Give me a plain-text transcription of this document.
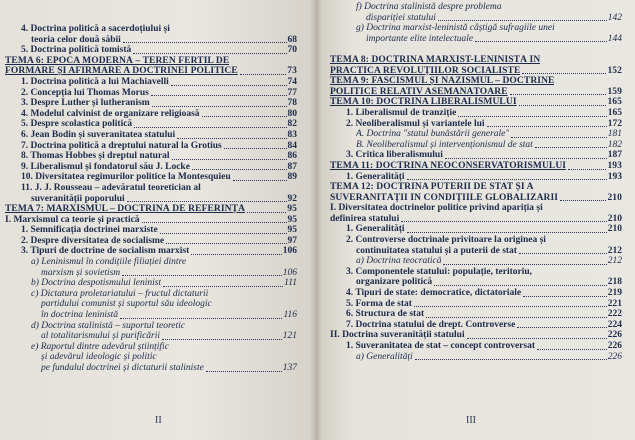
4. Doctrina politică a sacerdoțiului și
teoria celor două săbii	68
5. Doctrina politică tomistă	70
TEMA 6: EPOCA MODERNĂ – TEREN FERTIL DE
FORMARE ȘI AFIRMARE A DOCTRINEI POLITICE	73
1. Doctrina politică a lui Machiavelli	74
2. Concepția lui Thomas Morus	77
3. Despre Luther și lutheranism	78
4. Modelul calvinist de organizare religioasă	80
5. Despre scolastica politică	82
6. Jean Bodin și suveranitatea statului	83
7. Doctrina politică a dreptului natural la Grotius	84
8. Thomas Hobbes și dreptul natural	86
9. Liberalismul și fondatorul său J. Locke	87
10. Diversitatea regimurilor politice la Montesquieu	89
11. J. J. Rousseau – adevăratul teoretician al
suveranității poporului	92
TEMA 7: MARXISMUL – DOCTRINĂ DE REFERINȚĂ	95
I. Marxismul ca teorie și practică	95
1. Semnificația doctrinei marxiste	95
2. Despre diversitatea de socialisme	97
3. Tipuri de doctrine de socialism marxist	106
a) Leninismul în condițiile filiației dintre
marxism și sovietism	106
b) Doctrina despotismului leninist	111
c) Dictatura proletariatului – fructul dictaturii
partidului comunist și suportul său ideologic
în doctrina leninistă	116
d) Doctrina stalinistă – suportul teoretic
al totalitarismului și purificării	121
e) Raportul dintre adevărul științific
și adevărul ideologic și politic
pe fundalul doctrinei și dictaturii staliniste	137
II
f) Doctrina stalinistă despre problema
dispariției statului	142
g) Doctrina marxist-leninistă câștigă sufragiile unei
importante elite intelectuale	144
TEMA 8: DOCTRINA MARXIST-LENINISTĂ ÎN
PRACTICA REVOLUȚIILOR SOCIALISTE	152
TEMA 9: FASCISMUL ȘI NAZISMUL – DOCTRINE
POLITICE RELATIV ASEMĂNĂTOARE	159
TEMA 10: DOCTRINA LIBERALISMULUI	165
1. Liberalismul de tranziție	165
2. Neoliberalismul și variantele lui	172
A. Doctrina "statul bunăstării generale"	181
B. Neoliberalismul și intervenționismul de stat	182
3. Critica liberalismului	187
TEMA 11: DOCTRINA NEOCONSERVATORISMULUI	193
1. Generalități	193
TEMA 12: DOCTRINA PUTERII DE STAT ȘI A
SUVERANITĂȚII ÎN CONDIȚIILE GLOBALIZĂRII	210
I. Diversitatea doctrinelor politice privind apariția și
definirea statului	210
1. Generalități	210
2. Controverse doctrinale privitoare la originea și
continuitatea statului și a puterii de stat	212
a) Doctrina teocratică	212
3. Componentele statului: populație, teritoriu,
organizare politică	218
4. Tipuri de state: democratice, dictatoriale	219
5. Forma de stat	221
6. Structura de stat	222
7. Doctrina statului de drept. Controverse	224
II. Doctrina suveranității statului	226
1. Suveranitatea de stat – concept controversat	226
a) Generalități	226
III
